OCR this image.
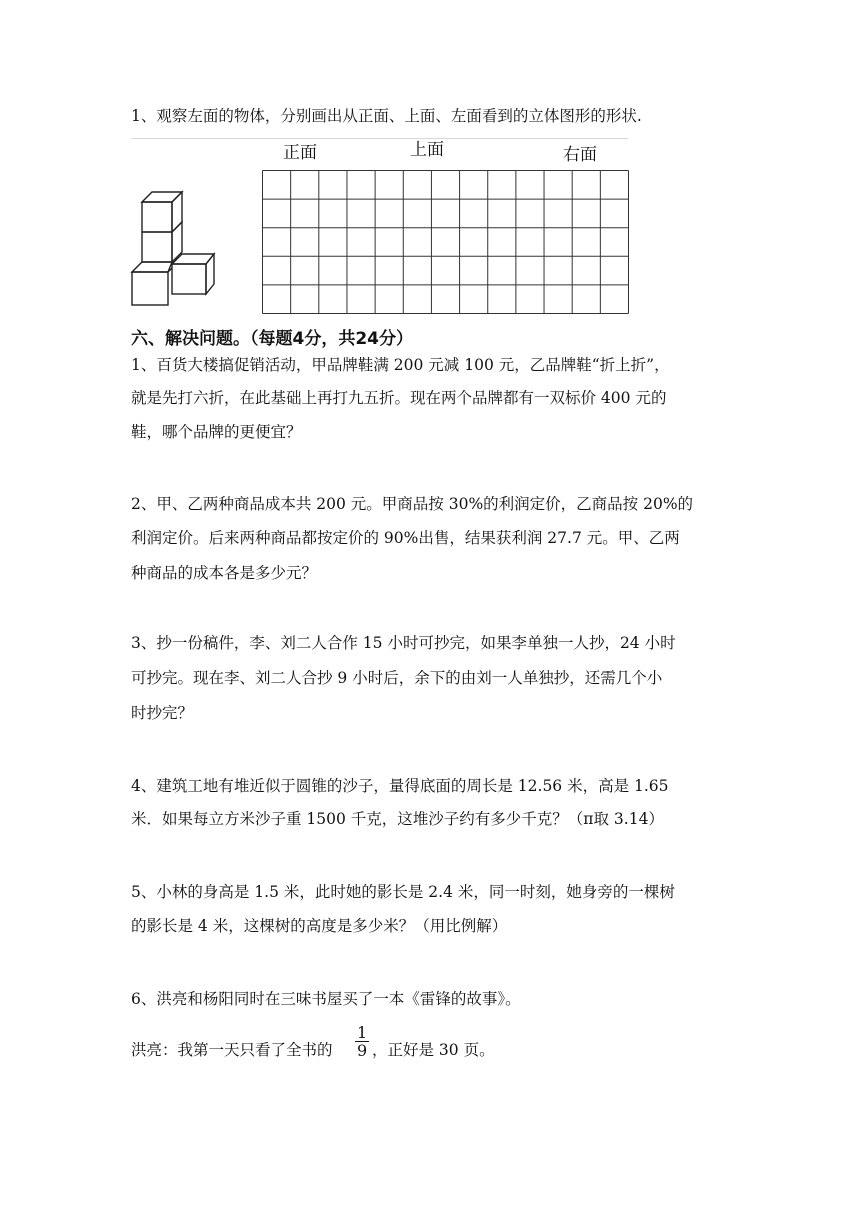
1、观察左面的物体，分别画出从正面、上面、左面看到的立体图形的形状.
正面	上面	右面
六、解决问题。（每题4分，共24分）
1、百货大楼搞促销活动，甲品牌鞋满 200 元减 100 元，乙品牌鞋“折上折”，
就是先打六折，在此基础上再打九五折。现在两个品牌都有一双标价 400 元的
鞋，哪个品牌的更便宜？
2、甲、乙两种商品成本共 200 元。甲商品按 30%的利润定价，乙商品按 20%的
利润定价。后来两种商品都按定价的 90%出售，结果获利润 27.7 元。甲、乙两
种商品的成本各是多少元？
3、抄一份稿件，李、刘二人合作 15 小时可抄完，如果李单独一人抄，24 小时
可抄完。现在李、刘二人合抄 9 小时后，余下的由刘一人单独抄，还需几个小
时抄完？
4、建筑工地有堆近似于圆锥的沙子，量得底面的周长是 12.56 米，高是 1.65
米．如果每立方米沙子重 1500 千克，这堆沙子约有多少千克？（π取 3.14）
5、小林的身高是 1.5 米，此时她的影长是 2.4 米，同一时刻，她身旁的一棵树
的影长是 4 米，这棵树的高度是多少米？（用比例解）
6、洪亮和杨阳同时在三味书屋买了一本《雷锋的故事》。
洪亮：我第一天只看了全书的 $\frac{1}{9}$ ，正好是 30 页。
